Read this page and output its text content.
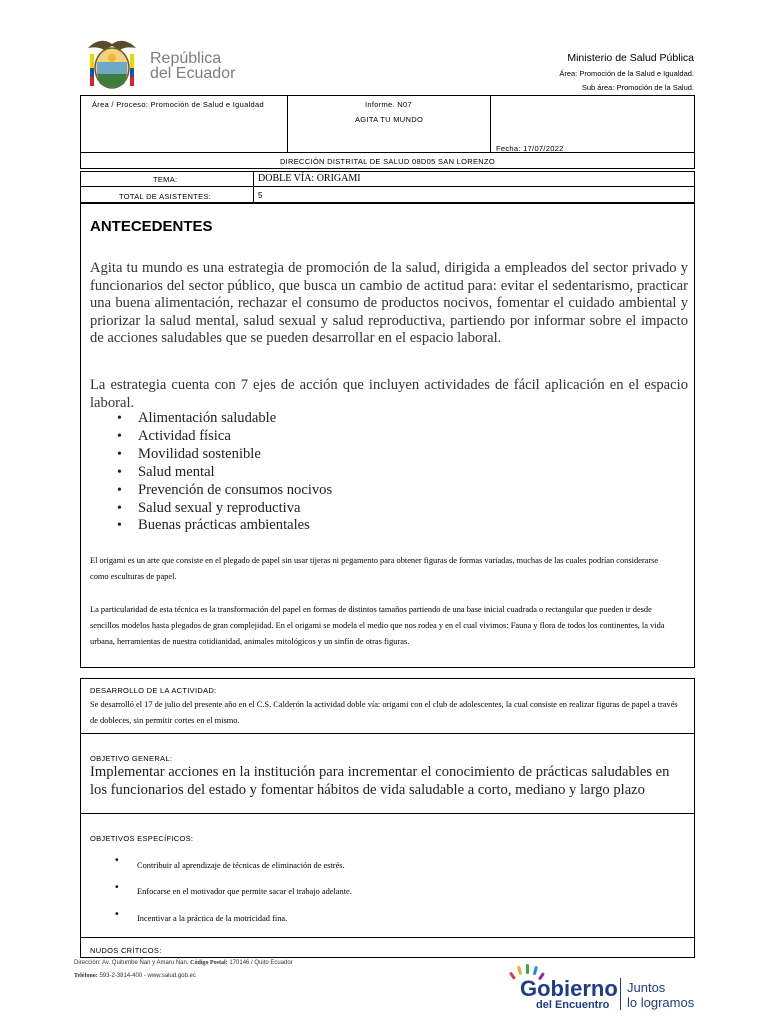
República
del Ecuador
Ministerio de Salud Pública
Área: Promoción de la Salud e Igualdad.
Sub área: Promoción de la Salud.
Área / Proceso: Promoción de Salud e Igualdad	Informe. N07
AGITA TU MUNDO
Fecha: 17/07/2022
DIRECCIÓN DISTRITAL DE SALUD 08D05 SAN LORENZO
TEMA:	DOBLE VÍA: ORIGAMI
TOTAL DE ASISTENTES:	5
ANTECEDENTES
Agita tu mundo es una estrategia de promoción de la salud, dirigida a empleados del sector privado y funcionarios del sector público, que busca un cambio de actitud para: evitar el sedentarismo, practicar una buena alimentación, rechazar el consumo de productos nocivos, fomentar el cuidado ambiental y priorizar la salud mental, salud sexual y salud reproductiva, partiendo por informar sobre el impacto de acciones saludables que se pueden desarrollar en el espacio laboral.
La estrategia cuenta con 7 ejes de acción que incluyen actividades de fácil aplicación en el espacio laboral.
• Alimentación saludable
• Actividad física
• Movilidad sostenible
• Salud mental
• Prevención de consumos nocivos
• Salud sexual y reproductiva
• Buenas prácticas ambientales
El origami es un arte que consiste en el plegado de papel sin usar tijeras ni pegamento para obtener figuras de formas variadas, muchas de las cuales podrían considerarse como esculturas de papel.
La particularidad de esta técnica es la transformación del papel en formas de distintos tamaños partiendo de una base inicial cuadrada o rectangular que pueden ir desde sencillos modelos hasta plegados de gran complejidad. En el origami se modela el medio que nos rodea y en el cual vivimos: Fauna y flora de todos los continentes, la vida urbana, herramientas de nuestra cotidianidad, animales mitológicos y un sinfín de otras figuras.
DESARROLLO DE LA ACTIVIDAD:
Se desarrolló el 17 de julio del presente año en el C.S. Calderón la actividad doble vía: origami con el club de adolescentes, la cual consiste en realizar figuras de papel a través de dobleces, sin permitir cortes en el mismo.
OBJETIVO GENERAL:
Implementar acciones en la institución para incrementar el conocimiento de prácticas saludables en los funcionarios del estado y fomentar hábitos de vida saludable a corto, mediano y largo plazo
OBJETIVOS ESPECÍFICOS:
• Contribuir al aprendizaje de técnicas de eliminación de estrés.
• Enfocarse en el motivador que permite sacar el trabajo adelante.
• Incentivar a la práctica de la motricidad fina.
NUDOS CRÍTICOS:
Dirección: Av. Quitumbe Ñan y Amaru Ñan. Código Postal: 170146 / Quito Ecuador
Teléfono: 593-2-3814-400 - www.salud.gob.ec	Gobierno
del Encuentro
Juntos
lo logramos
